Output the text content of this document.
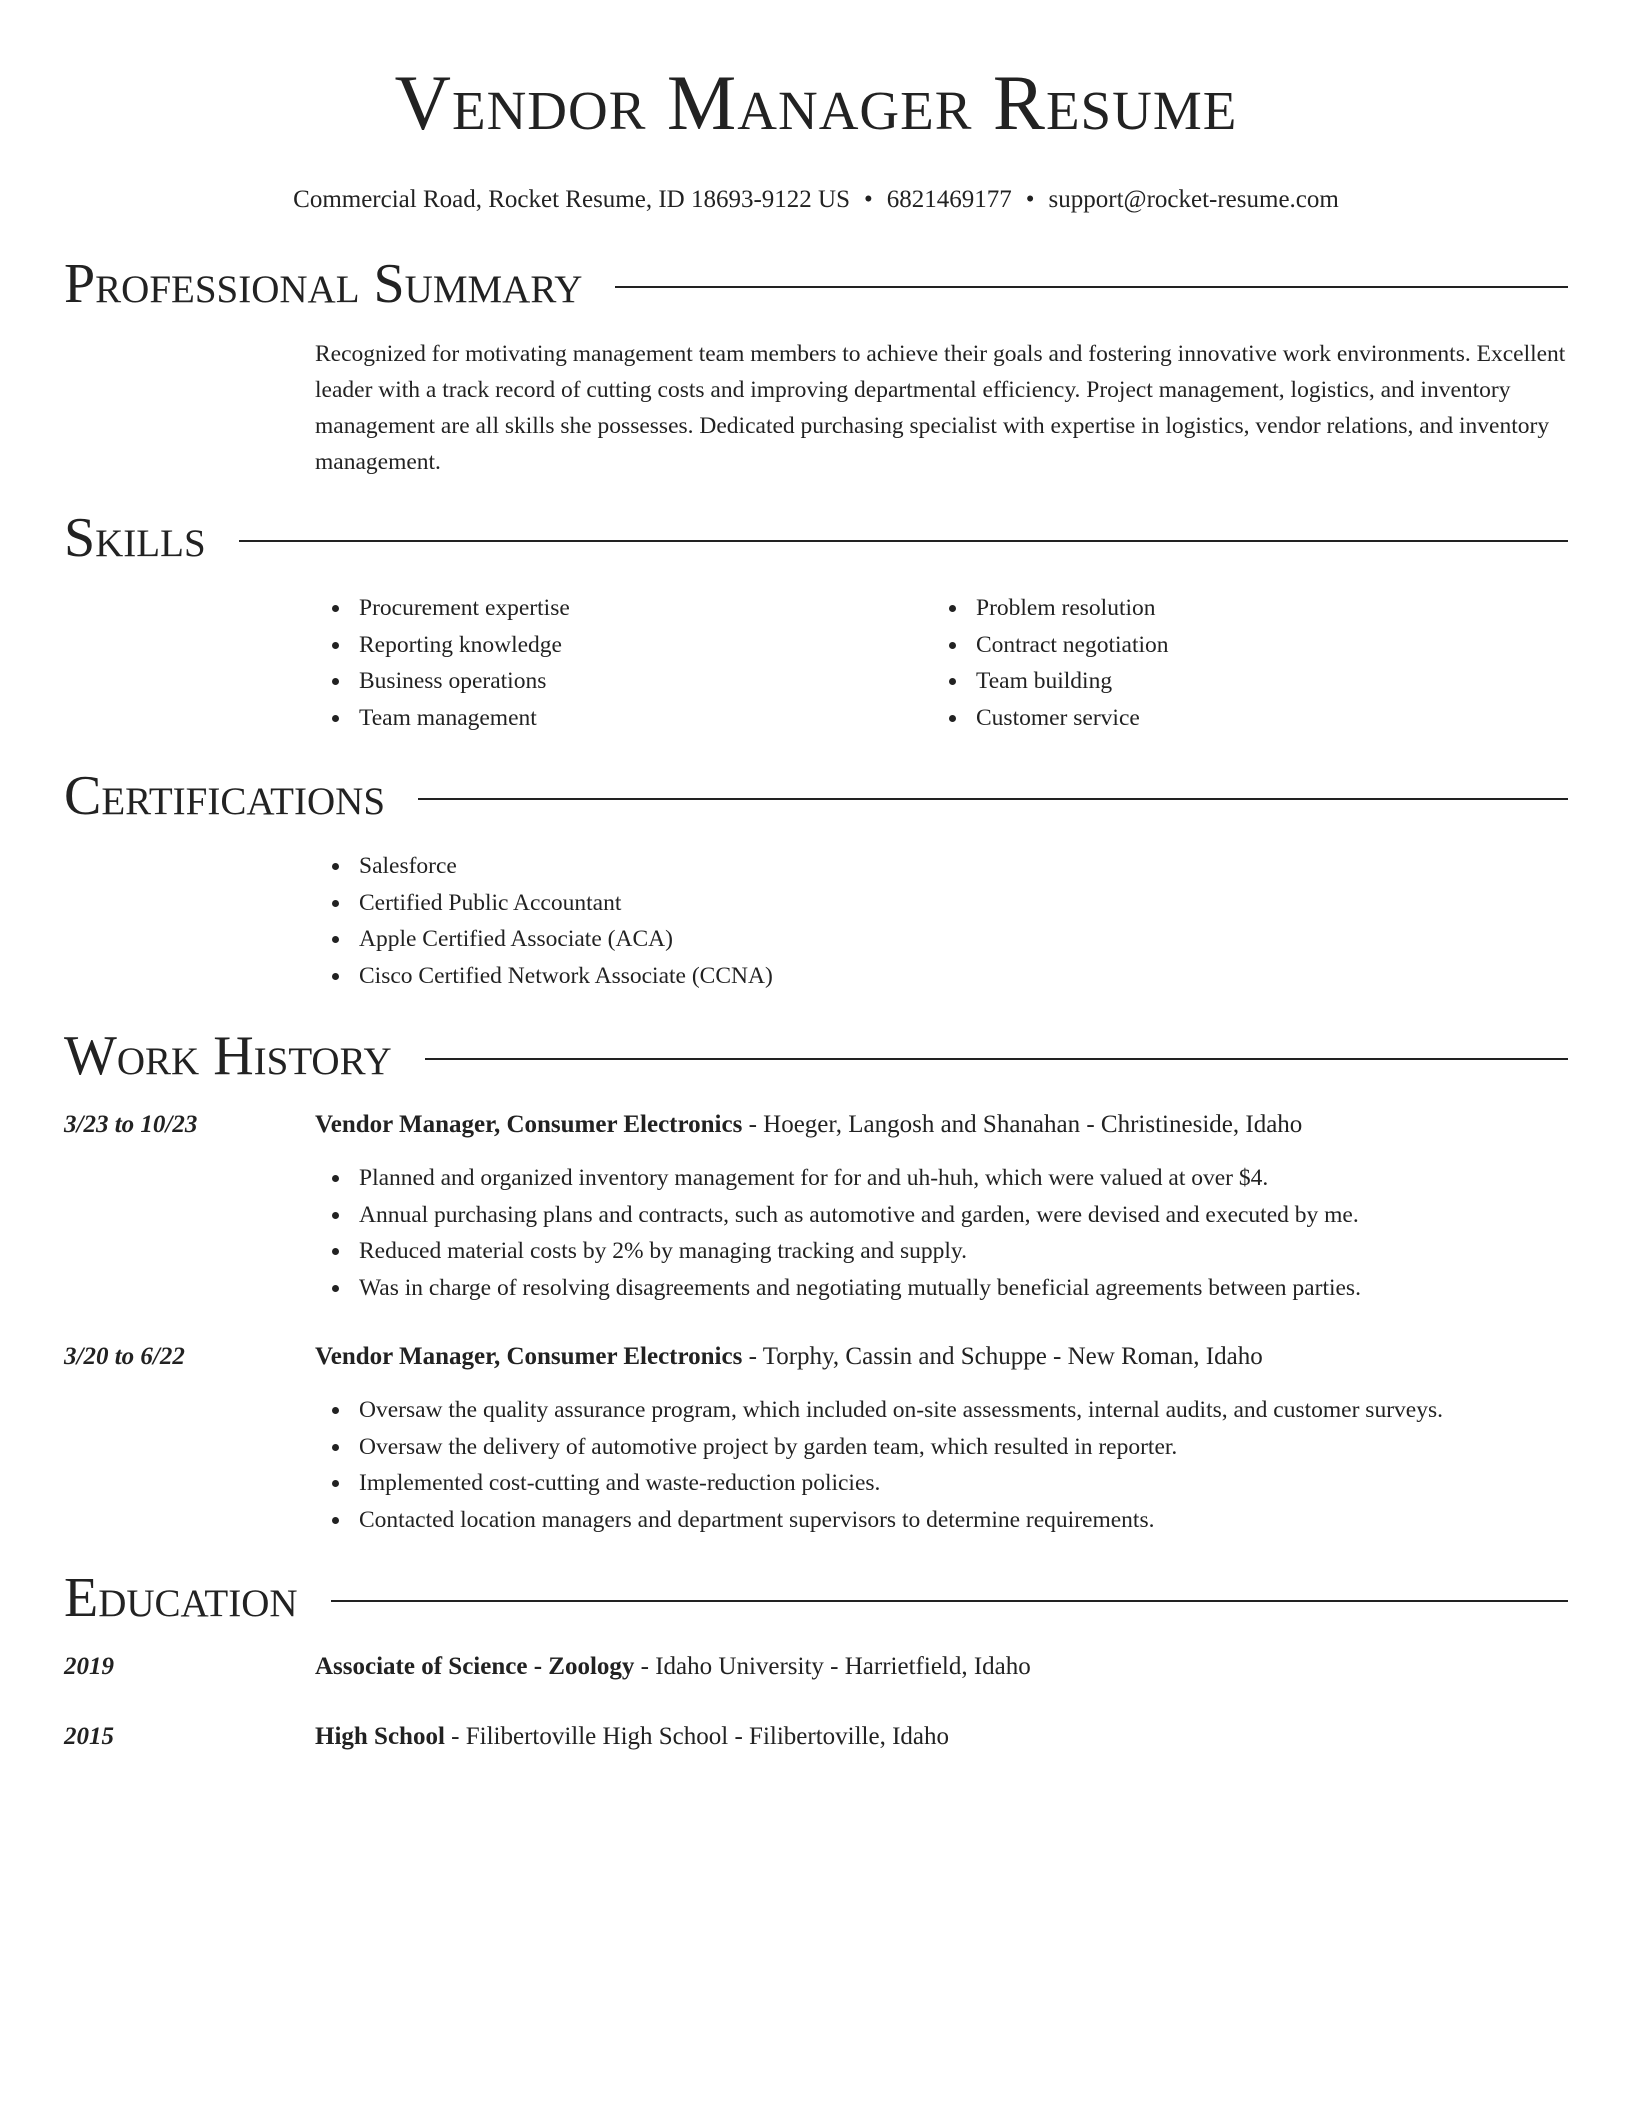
Vendor Manager Resume
Commercial Road, Rocket Resume, ID 18693-9122 US • 6821469177 • support@rocket-resume.com
Professional Summary
Recognized for motivating management team members to achieve their goals and fostering innovative work environments. Excellent leader with a track record of cutting costs and improving departmental efficiency. Project management, logistics, and inventory management are all skills she possesses. Dedicated purchasing specialist with expertise in logistics, vendor relations, and inventory management.
Skills
Procurement expertise
Reporting knowledge
Business operations
Team management
Problem resolution
Contract negotiation
Team building
Customer service
Certifications
Salesforce
Certified Public Accountant
Apple Certified Associate (ACA)
Cisco Certified Network Associate (CCNA)
Work History
3/23 to 10/23	Vendor Manager, Consumer Electronics - Hoeger, Langosh and Shanahan - Christineside, Idaho
Planned and organized inventory management for for and uh-huh, which were valued at over $4.
Annual purchasing plans and contracts, such as automotive and garden, were devised and executed by me.
Reduced material costs by 2% by managing tracking and supply.
Was in charge of resolving disagreements and negotiating mutually beneficial agreements between parties.
3/20 to 6/22	Vendor Manager, Consumer Electronics - Torphy, Cassin and Schuppe - New Roman, Idaho
Oversaw the quality assurance program, which included on-site assessments, internal audits, and customer surveys.
Oversaw the delivery of automotive project by garden team, which resulted in reporter.
Implemented cost-cutting and waste-reduction policies.
Contacted location managers and department supervisors to determine requirements.
Education
2019	Associate of Science - Zoology - Idaho University - Harrietfield, Idaho
2015	High School - Filibertoville High School - Filibertoville, Idaho
